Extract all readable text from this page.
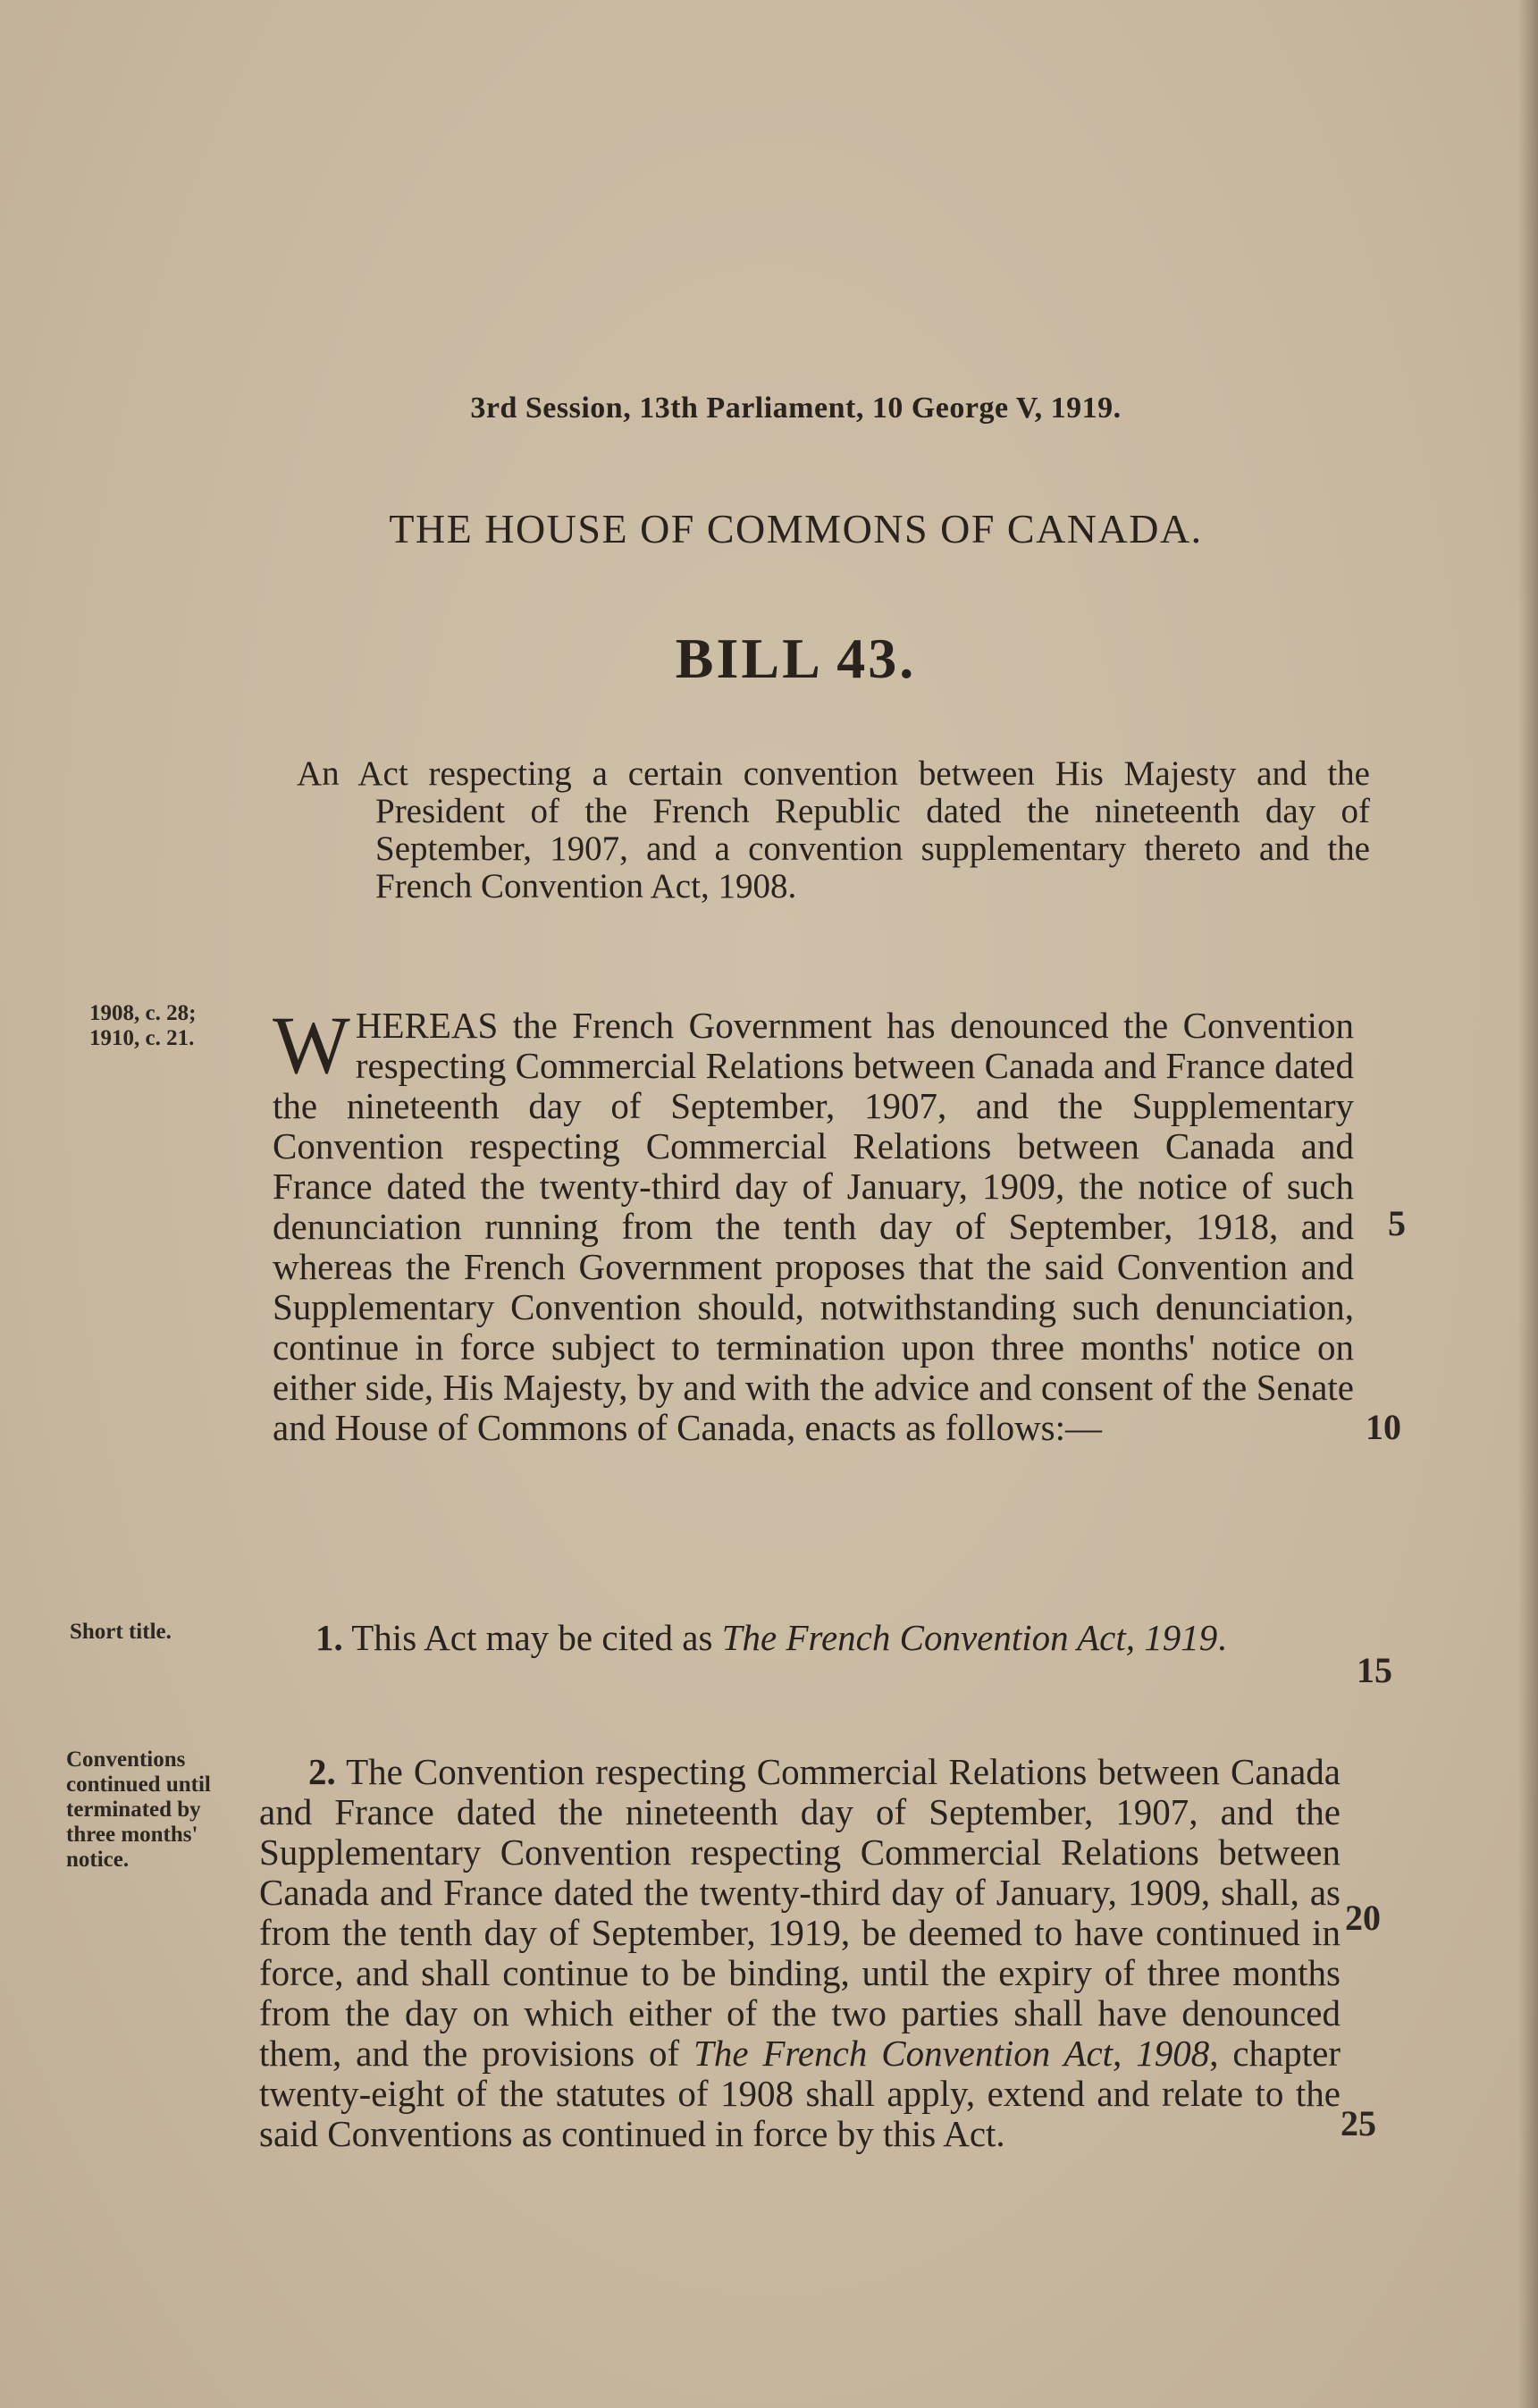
3rd Session, 13th Parliament, 10 George V, 1919.
THE HOUSE OF COMMONS OF CANADA.
BILL 43.
An Act respecting a certain convention between His Majesty and the President of the French Republic dated the nineteenth day of September, 1907, and a convention supplementary thereto and the French Convention Act, 1908.
1908, c. 28;
1910, c. 21. WHEREAS the French Government has denounced the Convention respecting Commercial Relations between Canada and France dated the nineteenth day of September, 1907, and the Supplementary Convention respecting Commercial Relations between Canada and France dated the twenty-third day of January, 1909, the notice of such denunciation running from the tenth day of September, 1918, and whereas the French Government proposes that the said Convention and Supplementary Convention should, notwithstanding such denunciation, continue in force subject to termination upon three months' notice on either side, His Majesty, by and with the advice and consent of the Senate and House of Commons of Canada, enacts as follows:—
Short title.	1. This Act may be cited as The French Convention Act, 1919.
Conventions continued until terminated by three months' notice.
2. The Convention respecting Commercial Relations between Canada and France dated the nineteenth day of September, 1907, and the Supplementary Convention respecting Commercial Relations between Canada and France dated the twenty-third day of January, 1909, shall, as from the tenth day of September, 1919, be deemed to have continued in force, and shall continue to be binding, until the expiry of three months from the day on which either of the two parties shall have denounced them, and the provisions of The French Convention Act, 1908, chapter twenty-eight of the statutes of 1908 shall apply, extend and relate to the said Conventions as continued in force by this Act.
5
10
15
20
25
